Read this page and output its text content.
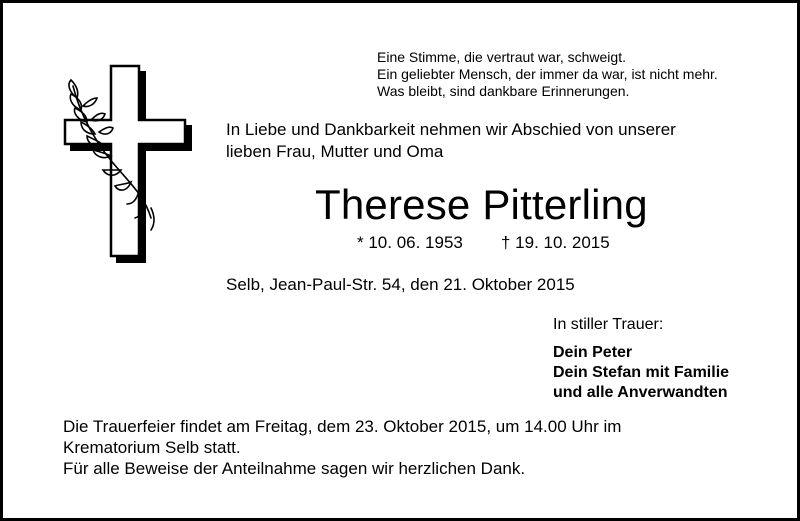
Eine Stimme, die vertraut war, schweigt.
Ein geliebter Mensch, der immer da war, ist nicht mehr.
Was bleibt, sind dankbare Erinnerungen.
In Liebe und Dankbarkeit nehmen wir Abschied von unserer
lieben Frau, Mutter und Oma
Therese Pitterling
* 10. 06. 1953 † 19. 10. 2015
Selb, Jean-Paul-Str. 54, den 21. Oktober 2015
In stiller Trauer:
Dein Peter
Dein Stefan mit Familie
und alle Anverwandten
Die Trauerfeier findet am Freitag, dem 23. Oktober 2015, um 14.00 Uhr im
Krematorium Selb statt.
Für alle Beweise der Anteilnahme sagen wir herzlichen Dank.
